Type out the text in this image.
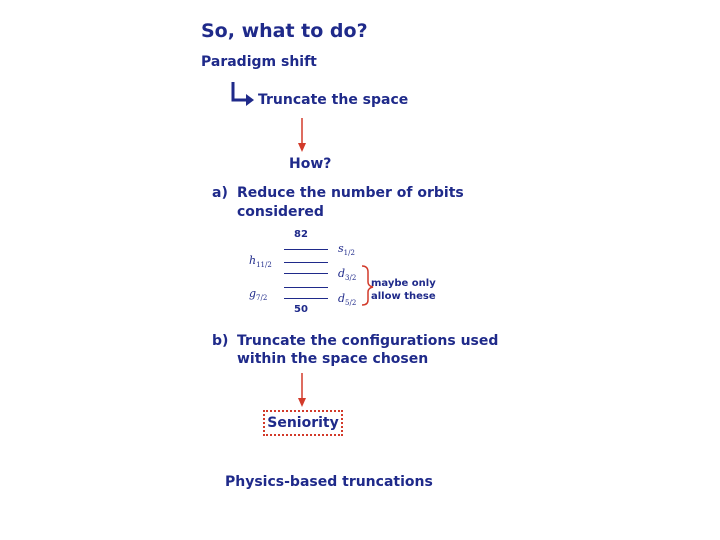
So, what to do?
Paradigm shift
Truncate the space
How?
a) Reduce the number of orbits
considered
82
50
$s_{1/2}$
$d_{3/2}$
$d_{5/2}$
$h_{11/2}$
$g_{7/2}$
maybe only
allow these
b) Truncate the configurations used
within the space chosen
Seniority
Physics-based truncations
